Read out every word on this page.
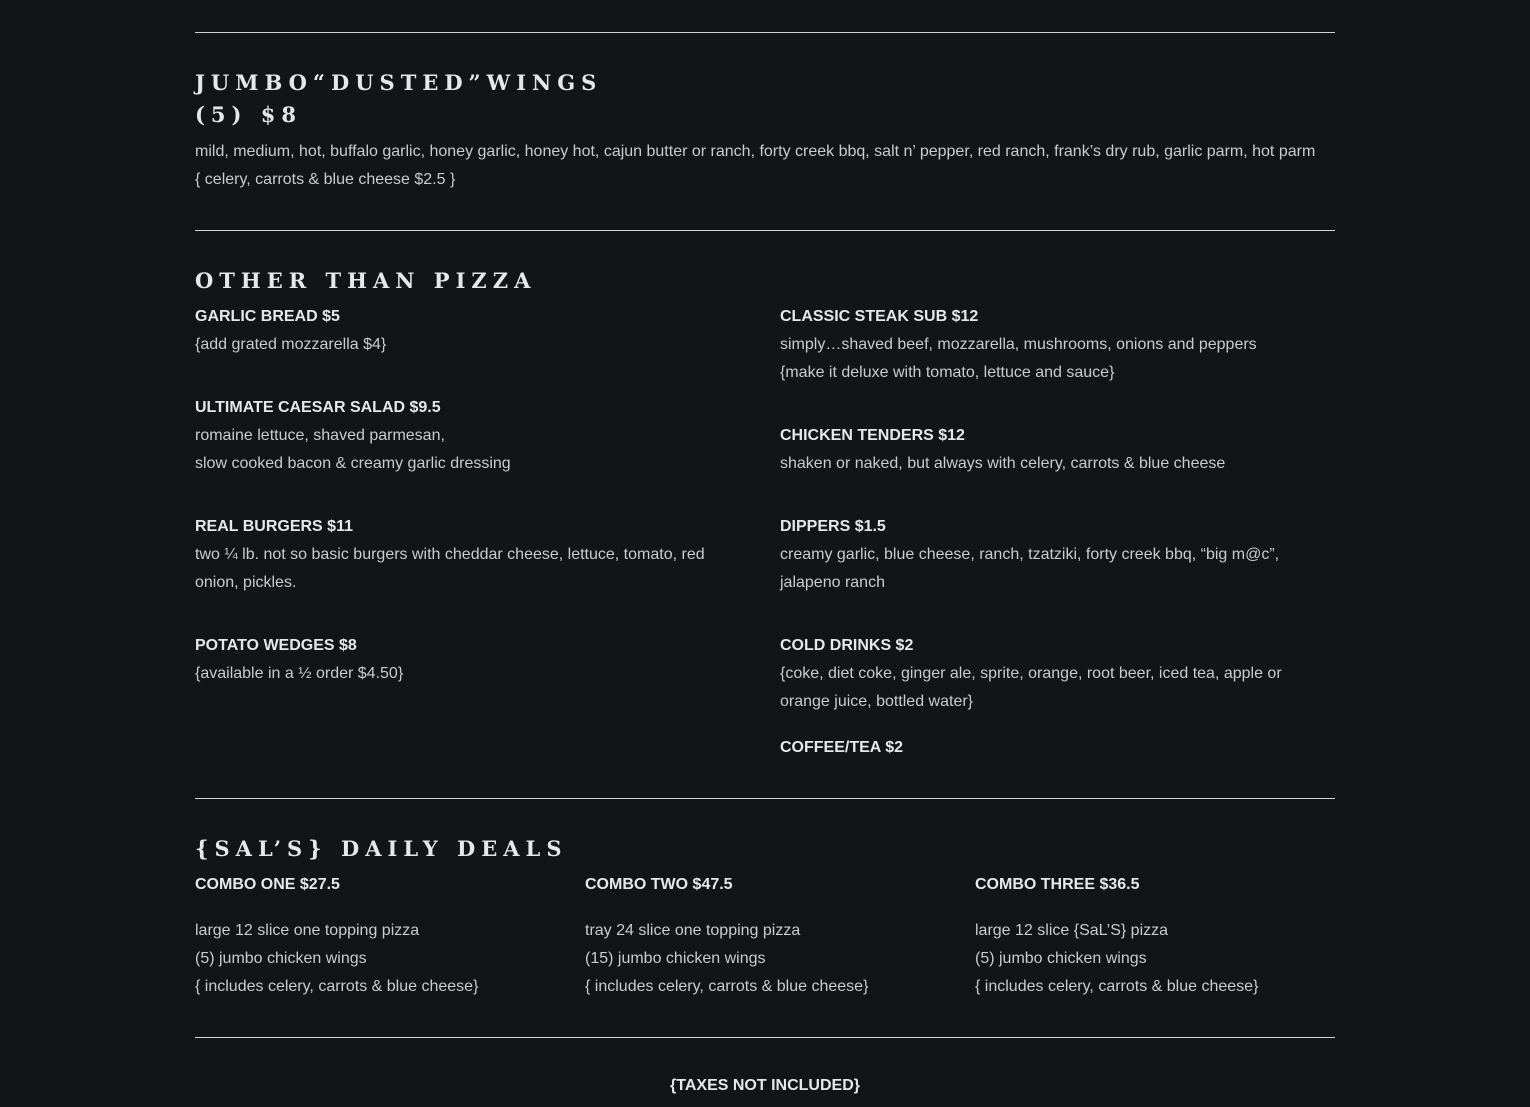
JUMBO“DUSTED”WINGS
(5) $8

mild, medium, hot, buffalo garlic, honey garlic, honey hot, cajun butter or ranch, forty creek bbq, salt n’ pepper, red ranch, frank’s dry rub, garlic parm, hot parm

{ celery, carrots & blue cheese $2.5 }

OTHER THAN PIZZA

GARLIC BREAD $5

{add grated mozzarella $4}

ULTIMATE CAESAR SALAD $9.5

romaine lettuce, shaved parmesan,

slow cooked bacon & creamy garlic dressing

REAL BURGERS $11

two ¼ lb. not so basic burgers with cheddar cheese, lettuce, tomato, red

onion, pickles.

POTATO WEDGES $8

{available in a ½ order $4.50}

CLASSIC STEAK SUB $12

simply…shaved beef, mozzarella, mushrooms, onions and peppers

{make it deluxe with tomato, lettuce and sauce}

CHICKEN TENDERS $12

shaken or naked, but always with celery, carrots & blue cheese

DIPPERS $1.5

creamy garlic, blue cheese, ranch, tzatziki, forty creek bbq, “big m@c”,

jalapeno ranch

COLD DRINKS $2

{coke, diet coke, ginger ale, sprite, orange, root beer, iced tea, apple or

orange juice, bottled water}

COFFEE/TEA $2

{SAL’S} DAILY DEALS

COMBO ONE $27.5

large 12 slice one topping pizza

(5) jumbo chicken wings

{ includes celery, carrots & blue cheese}

COMBO TWO $47.5

tray 24 slice one topping pizza

(15) jumbo chicken wings

{ includes celery, carrots & blue cheese}

COMBO THREE $36.5

large 12 slice {SaL’S} pizza

(5) jumbo chicken wings

{ includes celery, carrots & blue cheese}

{TAXES NOT INCLUDED}
